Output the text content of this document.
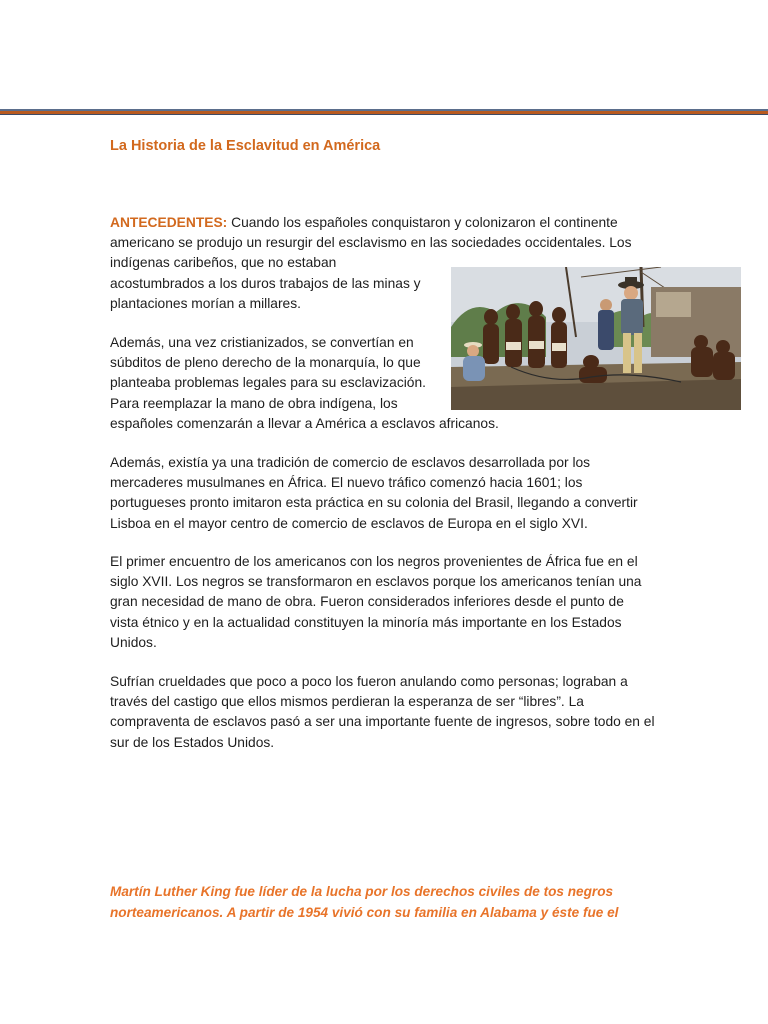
La Historia de la Esclavitud en América

ANTECEDENTES: Cuando los españoles conquistaron y colonizaron el continente

americano se produjo un resurgir del esclavismo en las sociedades occidentales. Los

indígenas caribeños, que no estaban

acostumbrados a los duros trabajos de las minas y

plantaciones morían a millares.

Además, una vez cristianizados, se convertían en

súbditos de pleno derecho de la monarquía, lo que

planteaba problemas legales para su esclavización.

Para reemplazar la mano de obra indígena, los

españoles comenzarán a llevar a América a esclavos africanos.

Además, existía ya una tradición de comercio de esclavos desarrollada por los mercaderes musulmanes en África. El nuevo tráfico comenzó hacia 1601; los portugueses pronto imitaron esta práctica en su colonia del Brasil, llegando a convertir Lisboa en el mayor centro de comercio de esclavos de Europa en el siglo XVI.

El primer encuentro de los americanos con los negros provenientes de África fue en el siglo XVII. Los negros se transformaron en esclavos porque los americanos tenían una gran necesidad de mano de obra. Fueron considerados inferiores desde el punto de vista étnico y en la actualidad constituyen la minoría más importante en los Estados Unidos.

Sufrían crueldades que poco a poco los fueron anulando como personas; lograban a través del castigo que ellos mismos perdieran la esperanza de ser “libres”. La compraventa de esclavos pasó a ser una importante fuente de ingresos, sobre todo en el sur de los Estados Unidos.

Martín Luther King fue líder de la lucha por los derechos civiles de tos negros norteamericanos. A partir de 1954 vivió con su familia en Alabama y éste fue el
